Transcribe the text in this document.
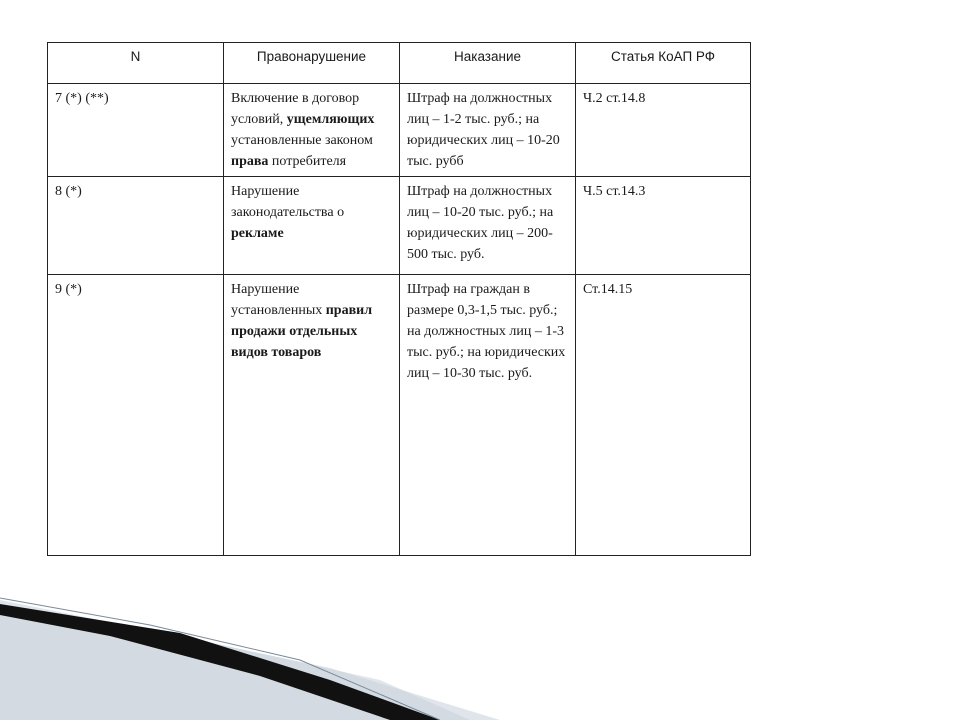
N	Правонарушение	Наказание	Статья КоАП РФ
7 (*) (**)	Включение в договор условий, ущемляющих установленные законом права потребителя	Штраф на должностных лиц – 1-2 тыс. руб.; на юридических лиц – 10-20 тыс. рубб	Ч.2 ст.14.8
8 (*)	Нарушение законодательства о рекламе	Штраф на должностных лиц – 10-20 тыс. руб.; на юридических лиц – 200-500 тыс. руб.	Ч.5 ст.14.3
9 (*)	Нарушение установленных правил продажи отдельных видов товаров	Штраф на граждан в размере 0,3-1,5 тыс. руб.; на должностных лиц – 1-3 тыс. руб.; на юридических лиц – 10-30 тыс. руб.	Ст.14.15
